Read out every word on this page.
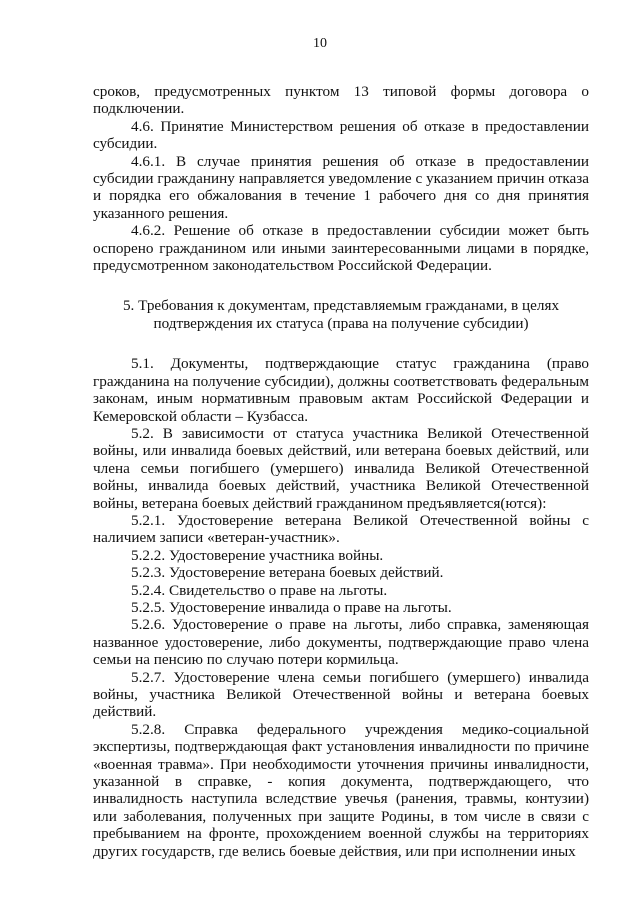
10

сроков, предусмотренных пунктом 13 типовой формы договора о подключении.

4.6. Принятие Министерством решения об отказе в предоставлении субсидии.

4.6.1. В случае принятия решения об отказе в предоставлении субсидии гражданину направляется уведомление с указанием причин отказа и порядка его обжалования в течение 1 рабочего дня со дня принятия указанного решения.

4.6.2. Решение об отказе в предоставлении субсидии может быть оспорено гражданином или иными заинтересованными лицами в порядке, предусмотренном законодательством Российской Федерации.

5. Требования к документам, представляемым гражданами, в целях
подтверждения их статуса (права на получение субсидии)

5.1. Документы, подтверждающие статус гражданина (право гражданина на получение субсидии), должны соответствовать федеральным законам, иным нормативным правовым актам Российской Федерации и Кемеровской области – Кузбасса.

5.2. В зависимости от статуса участника Великой Отечественной войны, или инвалида боевых действий, или ветерана боевых действий, или члена семьи погибшего (умершего) инвалида Великой Отечественной войны, инвалида боевых действий, участника Великой Отечественной войны, ветерана боевых действий гражданином предъявляется(ются):

5.2.1. Удостоверение ветерана Великой Отечественной войны с наличием записи «ветеран-участник».

5.2.2. Удостоверение участника войны.

5.2.3. Удостоверение ветерана боевых действий.

5.2.4. Свидетельство о праве на льготы.

5.2.5. Удостоверение инвалида о праве на льготы.

5.2.6. Удостоверение о праве на льготы, либо справка, заменяющая названное удостоверение, либо документы, подтверждающие право члена семьи на пенсию по случаю потери кормильца.

5.2.7. Удостоверение члена семьи погибшего (умершего) инвалида войны, участника Великой Отечественной войны и ветерана боевых действий.

5.2.8. Справка федерального учреждения медико-социальной экспертизы, подтверждающая факт установления инвалидности по причине «военная травма». При необходимости уточнения причины инвалидности, указанной в справке, - копия документа, подтверждающего, что инвалидность наступила вследствие увечья (ранения, травмы, контузии) или заболевания, полученных при защите Родины, в том числе в связи с пребыванием на фронте, прохождением военной службы на территориях других государств, где велись боевые действия, или при исполнении иных
